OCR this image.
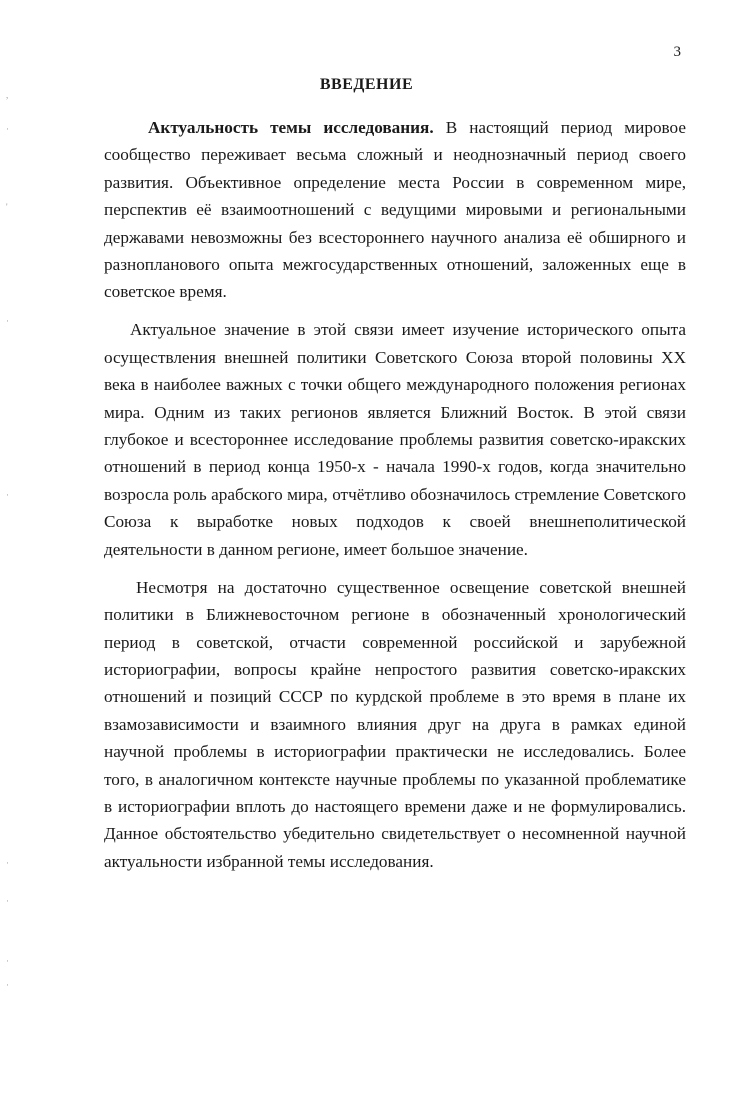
3
ВВЕДЕНИЕ

Актуальность темы исследования. В настоящий период мировое сообщество переживает весьма сложный и неоднозначный период своего развития. Объективное определение места России в современном мире, перспектив её взаимоотношений с ведущими мировыми и региональными державами невозможны без всестороннего научного анализа её обширного и разнопланового опыта межгосударственных отношений, заложенных еще в советское время.

Актуальное значение в этой связи имеет изучение исторического опыта осуществления внешней политики Советского Союза второй половины XX века в наиболее важных с точки общего международного положения регионах мира. Одним из таких регионов является Ближний Восток. В этой связи глубокое и всестороннее исследование проблемы развития советско-иракских отношений в период конца 1950-х - начала 1990-х годов, когда значительно возросла роль арабского мира, отчётливо обозначилось стремление Советского Союза к выработке новых подходов к своей внешнеполитической деятельности в данном регионе, имеет большое значение.

Несмотря на достаточно существенное освещение советской внешней политики в Ближневосточном регионе в обозначенный хронологический период в советской, отчасти современной российской и зарубежной историографии, вопросы крайне непростого развития советско-иракских отношений и позиций СССР по курдской проблеме в это время в плане их взамозависимости и взаимного влияния друг на друга в рамках единой научной проблемы в историографии практически не исследовались. Более того, в аналогичном контексте научные проблемы по указанной проблематике в историографии вплоть до настоящего времени даже и не формулировались. Данное обстоятельство убедительно свидетельствует о несомненной научной актуальности избранной темы исследования.

,
·
'
·
·
·
·
·
·
